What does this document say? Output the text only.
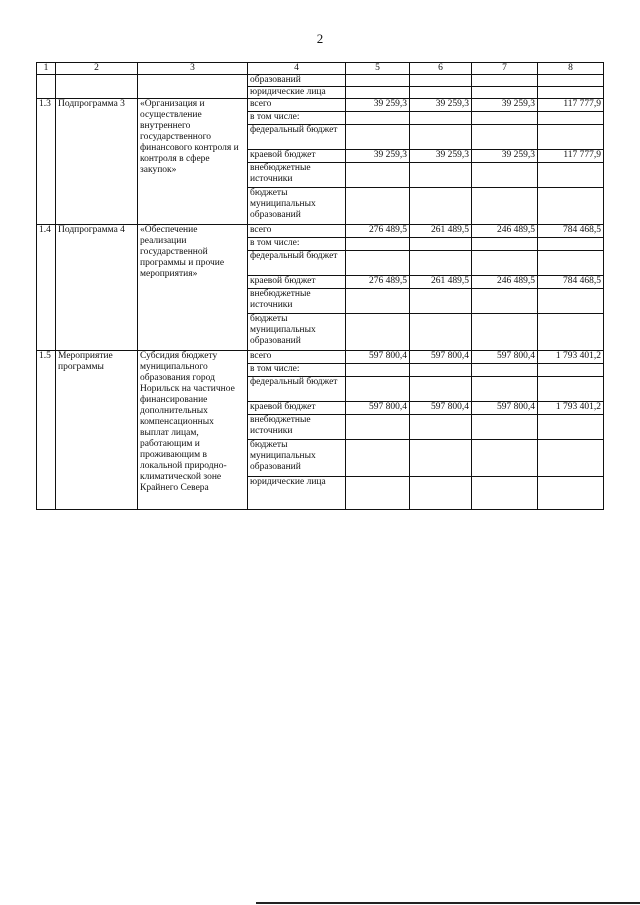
2
1	2	3	4	5	6	7	8
			образований				
			юридические лица				
1.3	Подпрограмма 3	«Организация и осуществление внутреннего государственного финансового контроля и контроля в сфере закупок»	всего	39 259,3	39 259,3	39 259,3	117 777,9
			в том числе:				
			федеральный бюджет				
			краевой бюджет	39 259,3	39 259,3	39 259,3	117 777,9
			внебюджетные источники				
			бюджеты муниципальных образований				
1.4	Подпрограмма 4	«Обеспечение реализации государственной программы и прочие мероприятия»	всего	276 489,5	261 489,5	246 489,5	784 468,5
			в том числе:				
			федеральный бюджет				
			краевой бюджет	276 489,5	261 489,5	246 489,5	784 468,5
			внебюджетные источники				
			бюджеты муниципальных образований				
1.5	Мероприятие программы	Субсидия бюджету муниципального образования город Норильск на частичное финансирование дополнительных компенсационных выплат лицам, работающим и проживающим в локальной природно-климатической зоне Крайнего Севера	всего	597 800,4	597 800,4	597 800,4	1 793 401,2
			в том числе:				
			федеральный бюджет				
			краевой бюджет	597 800,4	597 800,4	597 800,4	1 793 401,2
			внебюджетные источники				
			бюджеты муниципальных образований				
			юридические лица				
